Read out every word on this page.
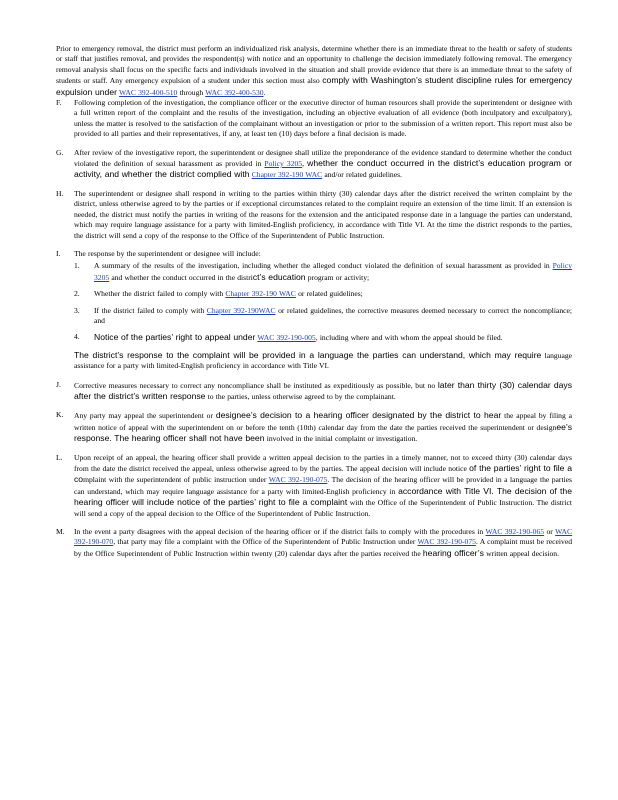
Prior to emergency removal, the district must perform an individualized risk analysis, determine whether there is an immediate threat to the health or safety of students or staff that justifies removal, and provides the respondent(s) with notice and an opportunity to challenge the decision immediately following removal. The emergency removal analysis shall focus on the specific facts and individuals involved in the situation and shall provide evidence that there is an immediate threat to the safety of students or staff. Any emergency expulsion of a student under this section must also comply with Washington’s student discipline rules for emergency expulsion under WAC 392-400-510 through WAC 392-400-530.

F.	Following completion of the investigation, the compliance officer or the executive director of human resources shall provide the superintendent or designee with a full written report of the complaint and the results of the investigation, including an objective evaluation of all evidence (both inculpatory and exculpatory), unless the matter is resolved to the satisfaction of the complainant without an investigation or prior to the submission of a written report. This report must also be provided to all parties and their representatives, if any, at least ten (10) days before a final decision is made.

G.	After review of the investigative report, the superintendent or designee shall utilize the preponderance of the evidence standard to determine whether the conduct violated the definition of sexual harassment as provided in Policy 3205, whether the conduct occurred in the district’s education program or activity, and whether the district complied with Chapter 392-190 WAC and/or related guidelines.

H.	The superintendent or designee shall respond in writing to the parties within thirty (30) calendar days after the district received the written complaint by the district, unless otherwise agreed to by the parties or if exceptional circumstances related to the complaint require an extension of the time limit. If an extension is needed, the district must notify the parties in writing of the reasons for the extension and the anticipated response date in a language the parties can understand, which may require language assistance for a party with limited-English proficiency, in accordance with Title VI. At the time the district responds to the parties, the district will send a copy of the response to the Office of the Superintendent of Public Instruction.

I.	The response by the superintendent or designee will include:

1.	A summary of the results of the investigation, including whether the alleged conduct violated the definition of sexual harassment as provided in Policy 3205 and whether the conduct occurred in the district’s education program or activity;

2.	Whether the district failed to comply with Chapter 392-190 WAC or related guidelines;

3.	If the district failed to comply with Chapter 392-190WAC or related guidelines, the corrective measures deemed necessary to correct the noncompliance; and

4.	Notice of the parties’ right to appeal under WAC 392-190-005, including where and with whom the appeal should be filed.

The district’s response to the complaint will be provided in a language the parties can understand, which may require language assistance for a party with limited-English proficiency in accordance with Title VI.

J.	Corrective measures necessary to correct any noncompliance shall be instituted as expeditiously as possible, but no later than thirty (30) calendar days after the district’s written response to the parties, unless otherwise agreed to by the complainant.

K.	Any party may appeal the superintendent or designee’s decision to a hearing officer designated by the district to hear the appeal by filing a written notice of appeal with the superintendent on or before the tenth (10th) calendar day from the date the parties received the superintendent or designee’s response. The hearing officer shall not have been involved in the initial complaint or investigation.

L.	Upon receipt of an appeal, the hearing officer shall provide a written appeal decision to the parties in a timely manner, not to exceed thirty (30) calendar days from the date the district received the appeal, unless otherwise agreed to by the parties. The appeal decision will include notice of the parties’ right to file a complaint with the superintendent of public instruction under WAC 392-190-075. The decision of the hearing officer will be provided in a language the parties can understand, which may require language assistance for a party with limited-English proficiency in accordance with Title VI. The decision of the hearing officer will include notice of the parties’ right to file a complaint with the Office of the Superintendent of Public Instruction. The district will send a copy of the appeal decision to the Office of the Superintendent of Public Instruction.

M.	In the event a party disagrees with the appeal decision of the hearing officer or if the district fails to comply with the procedures in WAC 392-190-065 or WAC 392-190-070, that party may file a complaint with the Office of the Superintendent of Public Instruction under WAC 392-190-075. A complaint must be received by the Office Superintendent of Public Instruction within twenty (20) calendar days after the parties received the hearing officer’s written appeal decision.
